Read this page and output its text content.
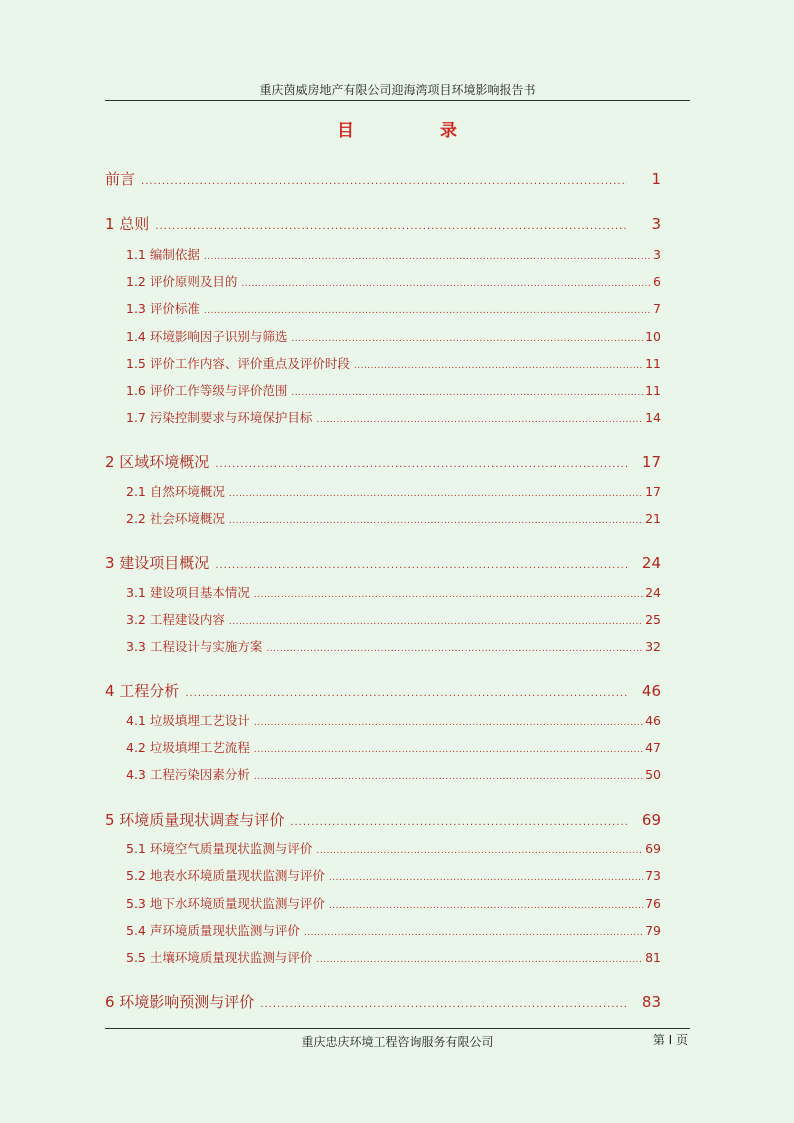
重庆茵威房地产有限公司迎海湾项目环境影响报告书
目 录
前言 .....	1
1 总则 .....	3
1.1 编制依据 .....	3
1.2 评价原则及目的 .....	6
1.3 评价标准 .....	7
1.4 环境影响因子识别与筛选 .....	10
1.5 评价工作内容、评价重点及评价时段 .....	11
1.6 评价工作等级与评价范围 .....	11
1.7 污染控制要求与环境保护目标 .....	14
2 区域环境概况 .....	17
2.1 自然环境概况 .....	17
2.2 社会环境概况 .....	21
3 建设项目概况 .....	24
3.1 建设项目基本情况 .....	24
3.2 工程建设内容 .....	25
3.3 工程设计与实施方案 .....	32
4 工程分析 .....	46
4.1 垃圾填埋工艺设计 .....	46
4.2 垃圾填埋工艺流程 .....	47
4.3 工程污染因素分析 .....	50
5 环境质量现状调查与评价 .....	69
5.1 环境空气质量现状监测与评价 .....	69
5.2 地表水环境质量现状监测与评价 .....	73
5.3 地下水环境质量现状监测与评价 .....	76
5.4 声环境质量现状监测与评价 .....	79
5.5 土壤环境质量现状监测与评价 .....	81
6 环境影响预测与评价 .....	83
重庆忠庆环境工程咨询服务有限公司	第 I 页
